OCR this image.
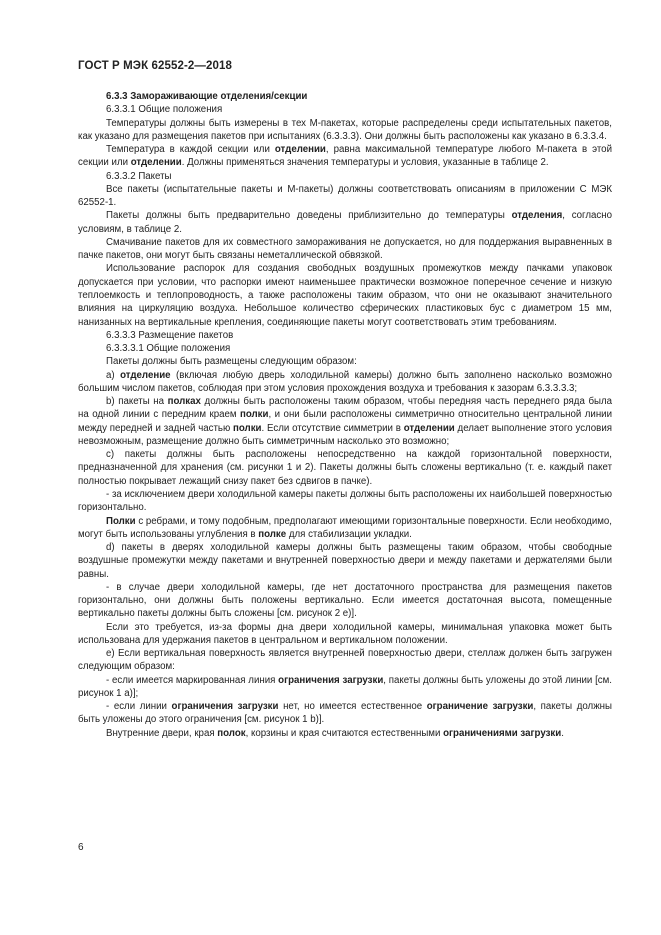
ГОСТ Р МЭК 62552-2—2018

6.3.3 Замораживающие отделения/секции

6.3.3.1 Общие положения

Температуры должны быть измерены в тех М-пакетах, которые распределены среди испытательных пакетов, как указано для размещения пакетов при испытаниях (6.3.3.3). Они должны быть расположены как указано в 6.3.3.4.

Температура в каждой секции или отделении, равна максимальной температуре любого М-пакета в этой секции или отделении. Должны применяться значения температуры и условия, указанные в таблице 2.

6.3.3.2 Пакеты

Все пакеты (испытательные пакеты и М-пакеты) должны соответствовать описаниям в приложении С МЭК 62552-1.

Пакеты должны быть предварительно доведены приблизительно до температуры отделения, согласно условиям, в таблице 2.

Смачивание пакетов для их совместного замораживания не допускается, но для поддержания выравненных в пачке пакетов, они могут быть связаны неметаллической обвязкой.

Использование распорок для создания свободных воздушных промежутков между пачками упаковок допускается при условии, что распорки имеют наименьшее практически возможное поперечное сечение и низкую теплоемкость и теплопроводность, а также расположены таким образом, что они не оказывают значительного влияния на циркуляцию воздуха. Небольшое количество сферических пластиковых бус с диаметром 15 мм, нанизанных на вертикальные крепления, соединяющие пакеты могут соответствовать этим требованиям.

6.3.3.3 Размещение пакетов

6.3.3.3.1 Общие положения

Пакеты должны быть размещены следующим образом:

а) отделение (включая любую дверь холодильной камеры) должно быть заполнено насколько возможно большим числом пакетов, соблюдая при этом условия прохождения воздуха и требования к зазорам 6.3.3.3.3;

b) пакеты на полках должны быть расположены таким образом, чтобы передняя часть переднего ряда была на одной линии с передним краем полки, и они были расположены симметрично относительно центральной линии между передней и задней частью полки. Если отсутствие симметрии в отделении делает выполнение этого условия невозможным, размещение должно быть симметричным насколько это возможно;

с) пакеты должны быть расположены непосредственно на каждой горизонтальной поверхности, предназначенной для хранения (см. рисунки 1 и 2). Пакеты должны быть сложены вертикально (т. е. каждый пакет полностью покрывает лежащий снизу пакет без сдвигов в пачке).

- за исключением двери холодильной камеры пакеты должны быть расположены их наибольшей поверхностью горизонтально.

Полки с ребрами, и тому подобным, предполагают имеющими горизонтальные поверхности. Если необходимо, могут быть использованы углубления в полке для стабилизации укладки.

d) пакеты в дверях холодильной камеры должны быть размещены таким образом, чтобы свободные воздушные промежутки между пакетами и внутренней поверхностью двери и между пакетами и держателями были равны.

- в случае двери холодильной камеры, где нет достаточного пространства для размещения пакетов горизонтально, они должны быть положены вертикально. Если имеется достаточная высота, помещенные вертикально пакеты должны быть сложены [см. рисунок 2 e)].

Если это требуется, из-за формы дна двери холодильной камеры, минимальная упаковка может быть использована для удержания пакетов в центральном и вертикальном положении.

е) Если вертикальная поверхность является внутренней поверхностью двери, стеллаж должен быть загружен следующим образом:

- если имеется маркированная линия ограничения загрузки, пакеты должны быть уложены до этой линии [см. рисунок 1 а)];

- если линии ограничения загрузки нет, но имеется естественное ограничение загрузки, пакеты должны быть уложены до этого ограничения [см. рисунок 1 b)].

Внутренние двери, края полок, корзины и края считаются естественными ограничениями загрузки.

6
